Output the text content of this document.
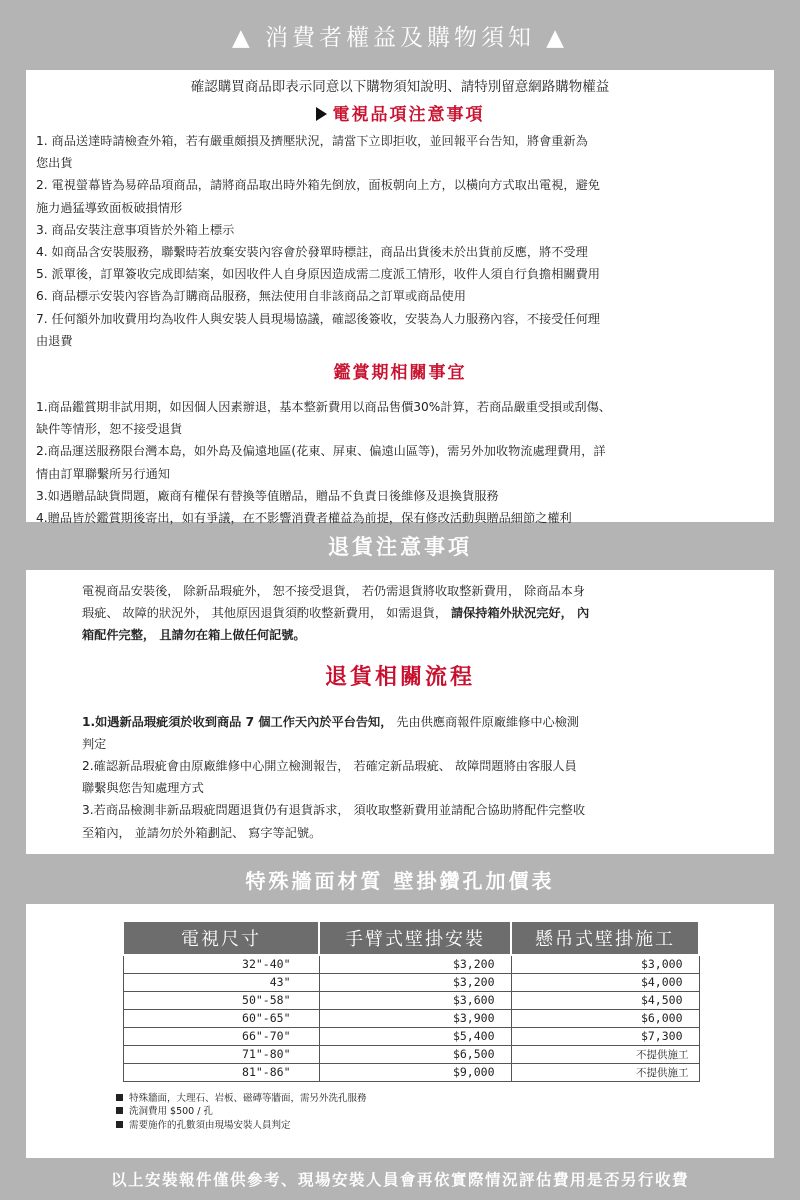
▲ 消費者權益及購物須知 ▲

確認購買商品即表示同意以下購物須知說明、請特別留意網路購物權益

電視品項注意事項

1. 商品送達時請檢查外箱，若有嚴重頗損及擠壓狀況，請當下立即拒收，並回報平台告知，將會重新為

您出貨

2. 電視螢幕皆為易碎品項商品，請將商品取出時外箱先倒放，面板朝向上方，以橫向方式取出電視，避免

施力過猛導致面板破損情形

3. 商品安裝注意事項皆於外箱上標示

4. 如商品含安裝服務，聯繫時若放棄安裝內容會於發單時標註，商品出貨後未於出貨前反應，將不受理

5. 派單後，訂單簽收完成即結案，如因收件人自身原因造成需二度派工情形，收件人須自行負擔相關費用

6. 商品標示安裝內容皆為訂購商品服務，無法使用自非該商品之訂單或商品使用

7. 任何額外加收費用均為收件人與安裝人員現場協議，確認後簽收，安裝為人力服務內容，不接受任何理

由退費

鑑賞期相關事宜

1.商品鑑賞期非試用期，如因個人因素辦退，基本整新費用以商品售價30%計算，若商品嚴重受損或刮傷、

缺件等情形，恕不接受退貨

2.商品運送服務限台灣本島，如外島及偏遠地區(花東、屏東、偏遠山區等)，需另外加收物流處理費用，詳

情由訂單聯繫所另行通知

3.如遇贈品缺貨問題，廠商有權保有替換等值贈品，贈品不負責日後維修及退換貨服務

4.贈品皆於鑑賞期後寄出，如有爭議，在不影響消費者權益為前提，保有修改活動與贈品細節之權利

退貨注意事項

電視商品安裝後， 除新品瑕疵外， 恕不接受退貨， 若仍需退貨將收取整新費用， 除商品本身

瑕疵、 故障的狀況外， 其他原因退貨須酌收整新費用， 如需退貨， 請保持箱外狀況完好， 內

箱配件完整， 且請勿在箱上做任何記號。

退貨相關流程

1.如遇新品瑕疵須於收到商品 7 個工作天內於平台告知， 先由供應商報件原廠維修中心檢測

判定

2.確認新品瑕疵會由原廠維修中心開立檢測報告， 若確定新品瑕疵、 故障問題將由客服人員

聯繫與您告知處理方式

3.若商品檢測非新品瑕疵問題退貨仍有退貨訴求， 須收取整新費用並請配合協助將配件完整收

至箱內， 並請勿於外箱劃記、 寫字等記號。

特殊牆面材質 壁掛鑽孔加價表
電視尺寸	手臂式壁掛安裝	懸吊式壁掛施工
32"-40"	$3,200	$3,000
43"	$3,200	$4,000
50"-58"	$3,600	$4,500
60"-65"	$3,900	$6,000
66"-70"	$5,400	$7,300
71"-80"	$6,500	不提供施工
81"-86"	$9,000	不提供施工
特殊牆面，大理石、岩板、磁磚等牆面，需另外洗孔服務
洗洞費用 $500 / 孔
需要施作的孔數須由現場安裝人員判定
以上安裝報件僅供參考、現場安裝人員會再依實際情況評估費用是否另行收費
